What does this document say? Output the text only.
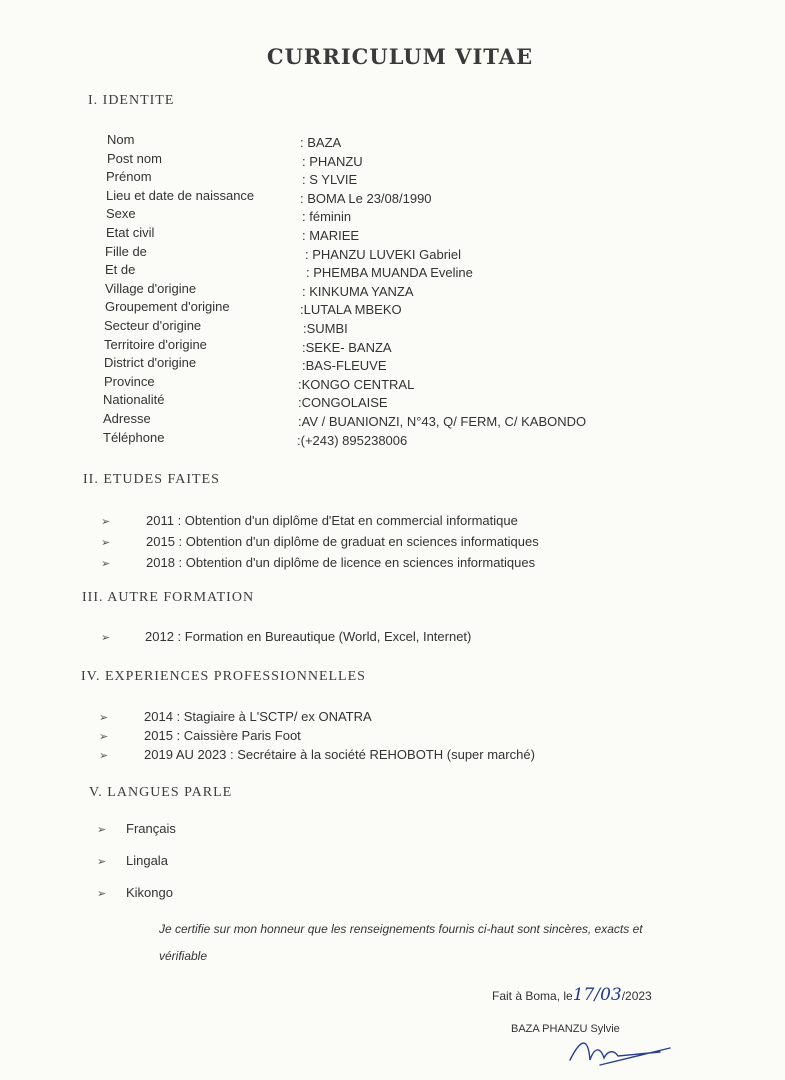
CURRICULUM VITAE
I. IDENTITE
Nom	: BAZA
Post nom	: PHANZU
Prénom	: S YLVIE
Lieu et date de naissance	: BOMA Le 23/08/1990
Sexe	: féminin
Etat civil	: MARIEE
Fille de	: PHANZU LUVEKI Gabriel
Et de	: PHEMBA MUANDA Eveline
Village d'origine	: KINKUMA YANZA
Groupement d'origine	:LUTALA MBEKO
Secteur d'origine	:SUMBI
Territoire d'origine	:SEKE- BANZA
District d'origine	:BAS-FLEUVE
Province	:KONGO CENTRAL
Nationalité	:CONGOLAISE
Adresse	:AV / BUANIONZI, N°43, Q/ FERM, C/ KABONDO
Téléphone	:(+243) 895238006
II. ETUDES FAITES
➢	2011 : Obtention d'un diplôme d'Etat en commercial informatique
➢	2015 : Obtention d'un diplôme de graduat en sciences informatiques
➢	2018 : Obtention d'un diplôme de licence en sciences informatiques
III. AUTRE FORMATION
➢	2012 : Formation en Bureautique (World, Excel, Internet)
IV. EXPERIENCES PROFESSIONNELLES
➢	2014 : Stagiaire à L'SCTP/ ex ONATRA
➢	2015 : Caissière Paris Foot
➢	2019 AU 2023 : Secrétaire à la société REHOBOTH (super marché)
V. LANGUES PARLE
➢ Français
➢ Lingala
➢ Kikongo
Je certifie sur mon honneur que les renseignements fournis ci-haut sont sincères, exacts et
vérifiable
Fait à Boma, le17/03/2023
BAZA PHANZU Sylvie
